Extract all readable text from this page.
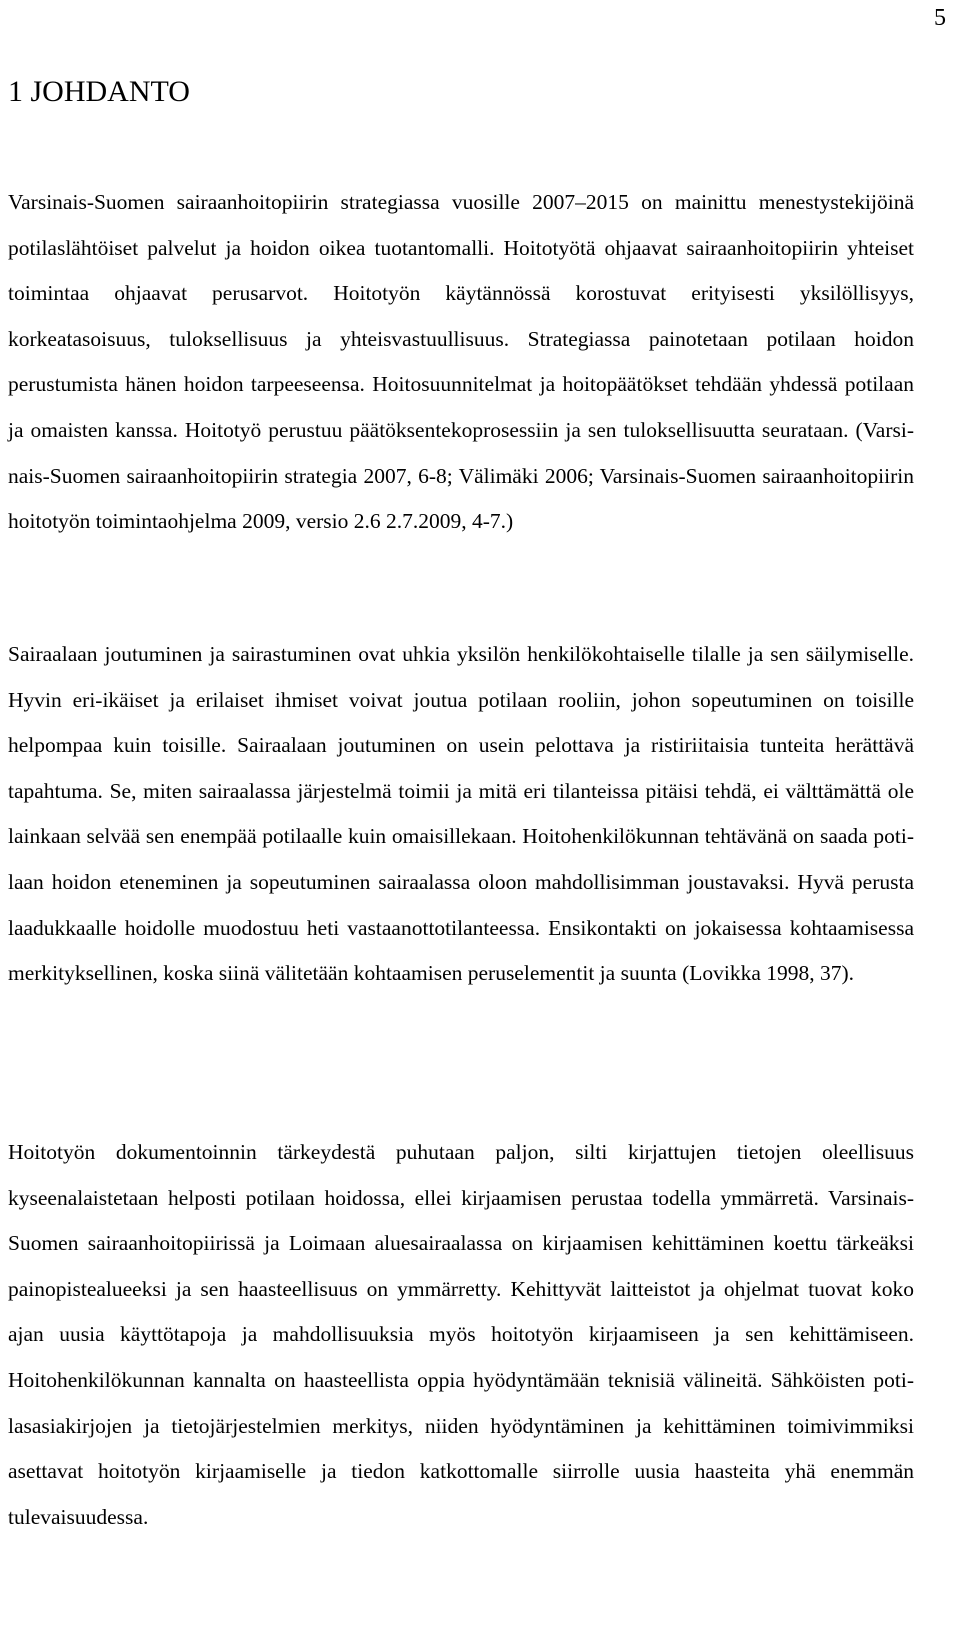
5
1 JOHDANTO

Varsinais-Suomen sairaanhoitopiirin strategiassa vuosille 2007–2015 on mainittu menestystekijöinä potilaslähtöiset palvelut ja hoidon oikea tuotantomalli. Hoitotyötä ohjaavat sairaanhoitopiirin yhteiset toimintaa ohjaavat perusarvot. Hoitotyön käytännössä korostuvat erityisesti yksilöllisyys, korkeatasoisuus, tuloksellisuus ja yhteisvastuullisuus. Strategiassa painotetaan potilaan hoidon perustumista hänen hoidon tarpeeseensa. Hoitosuunnitelmat ja hoitopäätökset tehdään yhdessä potilaan ja omaisten kanssa. Hoitotyö perustuu päätöksentekoprosessiin ja sen tuloksellisuutta seurataan. (Varsinais-Suomen sairaanhoitopiirin strategia 2007, 6-8; Välimäki 2006; Varsinais-Suomen sairaanhoitopiirin hoitotyön toimintaohjelma 2009, versio 2.6 2.7.2009, 4-7.)

Sairaalaan joutuminen ja sairastuminen ovat uhkia yksilön henkilökohtaiselle tilalle ja sen säilymiselle. Hyvin eri-ikäiset ja erilaiset ihmiset voivat joutua potilaan rooliin, johon sopeutuminen on toisille helpompaa kuin toisille. Sairaalaan joutuminen on usein pelottava ja ristiriitaisia tunteita herättävä tapahtuma. Se, miten sairaalassa järjestelmä toimii ja mitä eri tilanteissa pitäisi tehdä, ei välttämättä ole lainkaan selvää sen enempää potilaalle kuin omaisillekaan. Hoitohenkilökunnan tehtävänä on saada potilaan hoidon eteneminen ja sopeutuminen sairaalassa oloon mahdollisimman joustavaksi. Hyvä perusta laadukkaalle hoidolle muodostuu heti vastaanottotilanteessa. Ensikontakti on jokaisessa kohtaamisessa merkityksellinen, koska siinä välitetään kohtaamisen peruselementit ja suunta (Lovikka 1998, 37).

Hoitotyön dokumentoinnin tärkeydestä puhutaan paljon, silti kirjattujen tietojen oleellisuus kyseenalaistetaan helposti potilaan hoidossa, ellei kirjaamisen perustaa todella ymmärretä. Varsinais-Suomen sairaanhoitopiirissä ja Loimaan aluesairaalassa on kirjaamisen kehittäminen koettu tärkeäksi painopistealueeksi ja sen haasteellisuus on ymmärretty. Kehittyvät laitteistot ja ohjelmat tuovat koko ajan uusia käyttötapoja ja mahdollisuuksia myös hoitotyön kirjaamiseen ja sen kehittämiseen. Hoitohenkilökunnan kannalta on haasteellista oppia hyödyntämään teknisiä välineitä. Sähköisten potilasasiakirjojen ja tietojärjestelmien merkitys, niiden hyödyntäminen ja kehittäminen toimivimmiksi asettavat hoitotyön kirjaamiselle ja tiedon katkottomalle siirrolle uusia haasteita yhä enemmän tulevaisuudessa.
